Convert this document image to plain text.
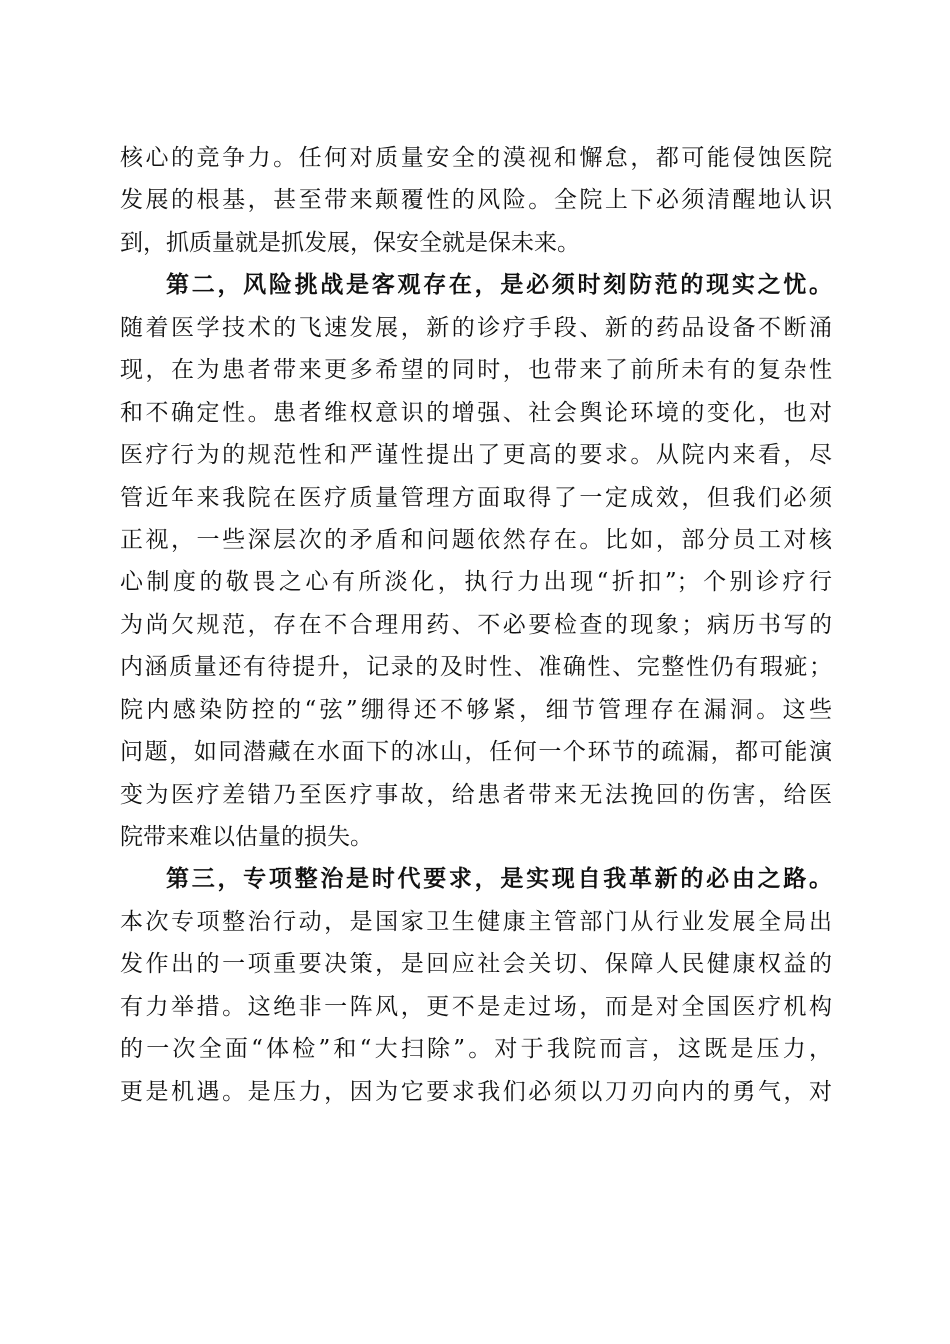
核心的竞争力。任何对质量安全的漠视和懈怠，都可能侵蚀医院
发展的根基，甚至带来颠覆性的风险。全院上下必须清醒地认识
到，抓质量就是抓发展，保安全就是保未来。
第二，风险挑战是客观存在，是必须时刻防范的现实之忧。
随着医学技术的飞速发展，新的诊疗手段、新的药品设备不断涌
现，在为患者带来更多希望的同时，也带来了前所未有的复杂性
和不确定性。患者维权意识的增强、社会舆论环境的变化，也对
医疗行为的规范性和严谨性提出了更高的要求。从院内来看，尽
管近年来我院在医疗质量管理方面取得了一定成效，但我们必须
正视，一些深层次的矛盾和问题依然存在。比如，部分员工对核
心制度的敬畏之心有所淡化，执行力出现“折扣”；个别诊疗行
为尚欠规范，存在不合理用药、不必要检查的现象；病历书写的
内涵质量还有待提升，记录的及时性、准确性、完整性仍有瑕疵；
院内感染防控的“弦”绷得还不够紧，细节管理存在漏洞。这些
问题，如同潜藏在水面下的冰山，任何一个环节的疏漏，都可能演
变为医疗差错乃至医疗事故，给患者带来无法挽回的伤害，给医
院带来难以估量的损失。
第三，专项整治是时代要求，是实现自我革新的必由之路。
本次专项整治行动，是国家卫生健康主管部门从行业发展全局出
发作出的一项重要决策，是回应社会关切、保障人民健康权益的
有力举措。这绝非一阵风，更不是走过场，而是对全国医疗机构
的一次全面“体检”和“大扫除”。对于我院而言，这既是压力，
更是机遇。是压力，因为它要求我们必须以刀刃向内的勇气，对
